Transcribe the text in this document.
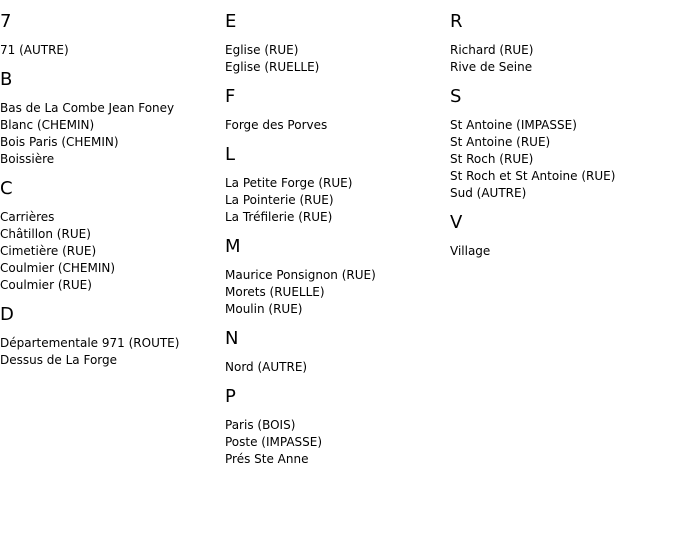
7
71 (AUTRE)
B
Bas de La Combe Jean Foney
Blanc (CHEMIN)
Bois Paris (CHEMIN)
Boissière
C
Carrières
Châtillon (RUE)
Cimetière (RUE)
Coulmier (CHEMIN)
Coulmier (RUE)
D
Départementale 971 (ROUTE)
Dessus de La Forge
E
Eglise (RUE)
Eglise (RUELLE)
F
Forge des Porves
L
La Petite Forge (RUE)
La Pointerie (RUE)
La Tréfilerie (RUE)
M
Maurice Ponsignon (RUE)
Morets (RUELLE)
Moulin (RUE)
N
Nord (AUTRE)
P
Paris (BOIS)
Poste (IMPASSE)
Prés Ste Anne
R
Richard (RUE)
Rive de Seine
S
St Antoine (IMPASSE)
St Antoine (RUE)
St Roch (RUE)
St Roch et St Antoine (RUE)
Sud (AUTRE)
V
Village
